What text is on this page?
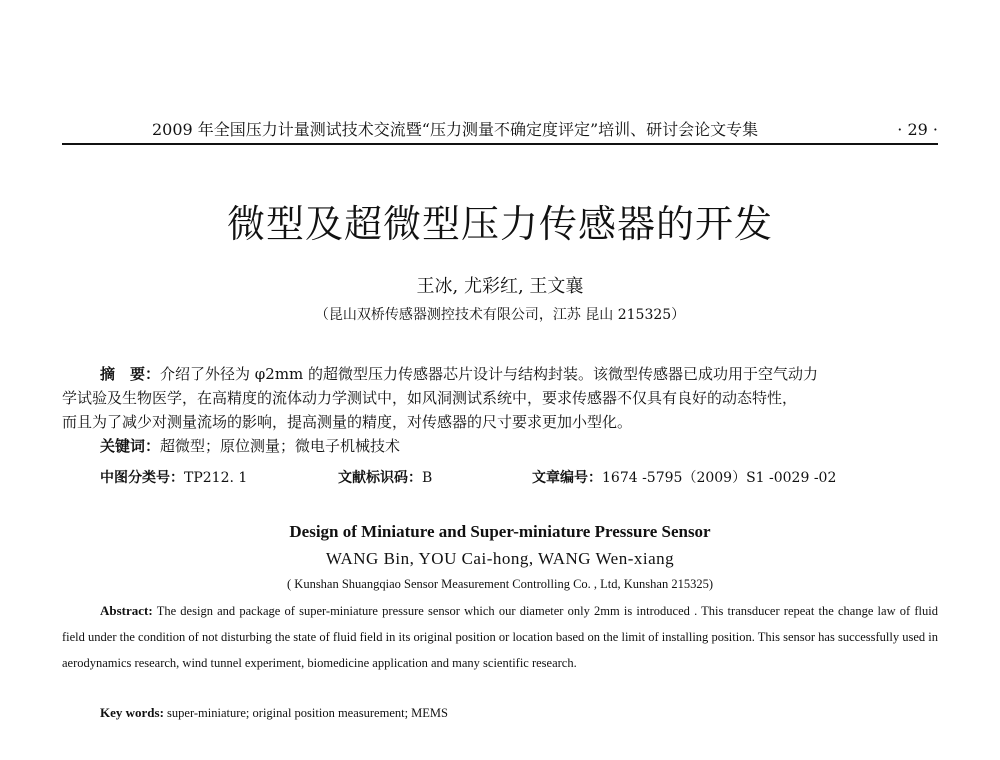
2009 年全国压力计量测试技术交流暨“压力测量不确定度评定”培训、研讨会论文专集	· 29 ·
微型及超微型压力传感器的开发
王冰, 尤彩红, 王文襄
（昆山双桥传感器测控技术有限公司，江苏 昆山 215325）
摘　要：介绍了外径为 φ2mm 的超微型压力传感器芯片设计与结构封装。该微型传感器已成功用于空气动力
学试验及生物医学，在高精度的流体动力学测试中，如风洞测试系统中，要求传感器不仅具有良好的动态特性，
而且为了减少对测量流场的影响，提高测量的精度，对传感器的尺寸要求更加小型化。
关键词：超微型；原位测量；微电子机械技术
中图分类号：TP212. 1	文献标识码：B	文章编号：1674 -5795（2009）S1 -0029 -02
Design of Miniature and Super-miniature Pressure Sensor
WANG Bin, YOU Cai-hong, WANG Wen-xiang
( Kunshan Shuangqiao Sensor Measurement Controlling Co. , Ltd, Kunshan 215325)

Abstract: The design and package of super-miniature pressure sensor which our diameter only 2mm is introduced . This transducer repeat the change law of fluid field under the condition of not disturbing the state of fluid field in its original position or location based on the limit of installing position. This sensor has successfully used in aerodynamics research, wind tunnel experiment, biomedicine application and many scientific research.

Key words: super-miniature; original position measurement; MEMS
